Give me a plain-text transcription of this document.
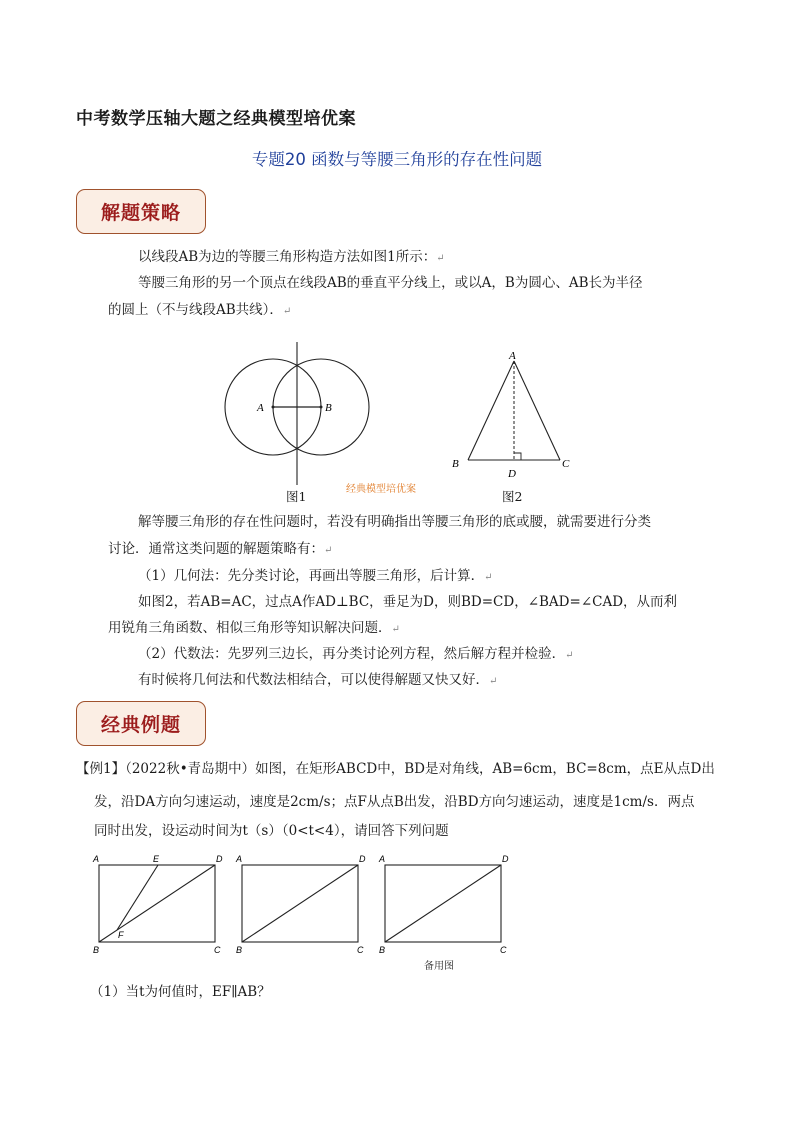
中考数学压轴大题之经典模型培优案
专题20 函数与等腰三角形的存在性问题
解题策略
以线段AB为边的等腰三角形构造方法如图1所示：↵
等腰三角形的另一个顶点在线段AB的垂直平分线上，或以A，B为圆心、AB长为半径
的圆上（不与线段AB共线）．↵
A	B
A
B	C
D
经典模型培优案
图1	图2
解等腰三角形的存在性问题时，若没有明确指出等腰三角形的底或腰，就需要进行分类
讨论．通常这类问题的解题策略有：↵
（1）几何法：先分类讨论，再画出等腰三角形，后计算．↵
如图2，若AB=AC，过点A作AD⊥BC，垂足为D，则BD=CD，∠BAD=∠CAD，从而利
用锐角三角函数、相似三角形等知识解决问题．↵
（2）代数法：先罗列三边长，再分类讨论列方程，然后解方程并检验．↵
有时候将几何法和代数法相结合，可以使得解题又快又好．↵
经典例题
【例1】（2022秋•青岛期中）如图，在矩形ABCD中，BD是对角线，AB=6cm，BC=8cm，点E从点D出
发，沿DA方向匀速运动，速度是2cm/s；点F从点B出发，沿BD方向匀速运动，速度是1cm/s．两点
同时出发，设运动时间为t（s）（0<t<4），请回答下列问题
A	E	D
F
B	C
A	D
B	C
A	D
B	C
备用图
（1）当t为何值时，EF∥AB？
